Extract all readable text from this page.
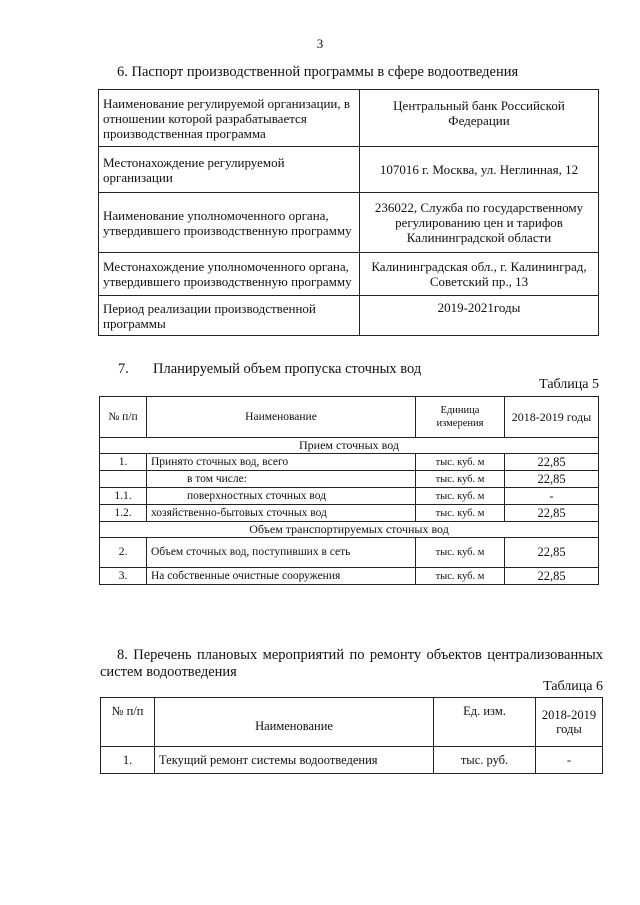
3
6. Паспорт производственной программы в сфере водоотведения
Наименование регулируемой организации, в отношении которой разрабатывается производственная программа	Центральный банк Российской Федерации
Местонахождение регулируемой организации	107016 г. Москва, ул. Неглинная, 12
Наименование уполномоченного органа, утвердившего производственную программу	236022, Служба по государственному регулированию цен и тарифов Калининградской области
Местонахождение уполномоченного органа, утвердившего производственную программу	Калининградская обл., г. Калининград, Советский пр., 13
Период реализации производственной программы	2019-2021годы
7. Планируемый объем пропуска сточных вод
Таблица 5
№ п/п	Наименование	Единица измерения	2018-2019 годы
Прием сточных вод			
1.	Принято сточных вод, всего	тыс. куб. м	22,85
	в том числе:	тыс. куб. м	22,85
1.1.	поверхностных сточных вод	тыс. куб. м	-
1.2.	хозяйственно-бытовых сточных вод	тыс. куб. м	22,85
Объем транспортируемых сточных вод			
2.	Объем сточных вод, поступивших в сеть	тыс. куб. м	22,85
3.	На собственные очистные сооружения	тыс. куб. м	22,85
8. Перечень плановых мероприятий по ремонту объектов централизованных систем водоотведения
Таблица 6
№ п/п	Наименование	Ед. изм.	2018-2019 годы
1.	Текущий ремонт системы водоотведения	тыс. руб.	-
